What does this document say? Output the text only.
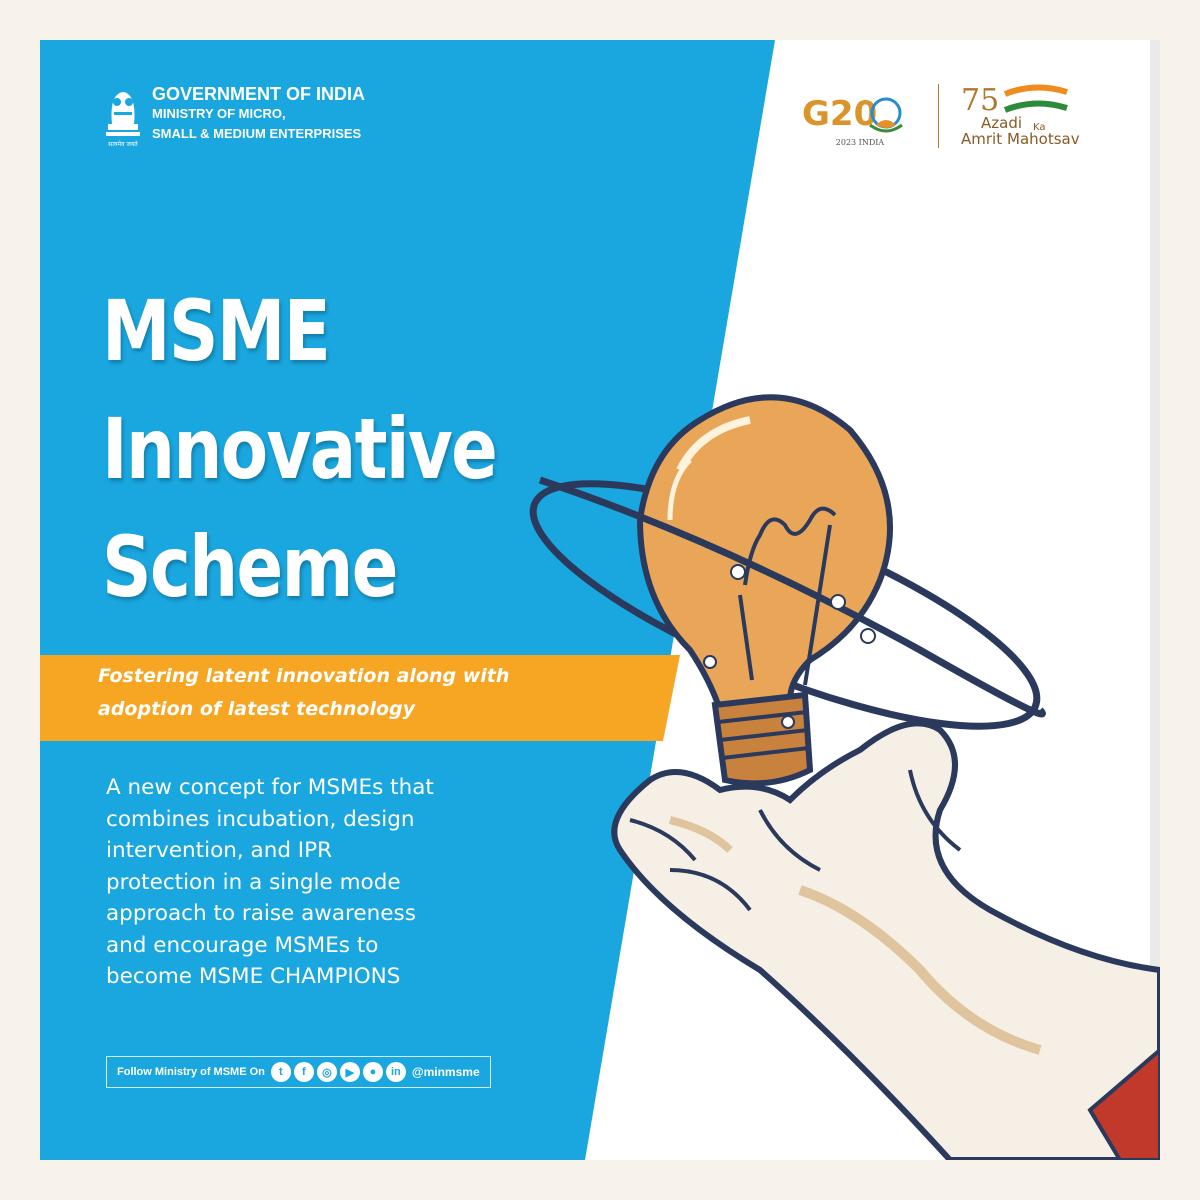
सत्यमेव जयते
GOVERNMENT OF INDIA
MINISTRY OF MICRO,
SMALL & MEDIUM ENTERPRISES	G20
2023 INDIA
75
Azadi Ka
Amrit Mahotsav
MSME
Innovative
Scheme
Fostering latent innovation along with
adoption of latest technology
A new concept for MSMEs that
combines incubation, design
intervention, and IPR
protection in a single mode
approach to raise awareness
and encourage MSMEs to
become MSME CHAMPIONS
Follow Ministry of MSME On	t	f	◎	▶	●	in @minmsme
